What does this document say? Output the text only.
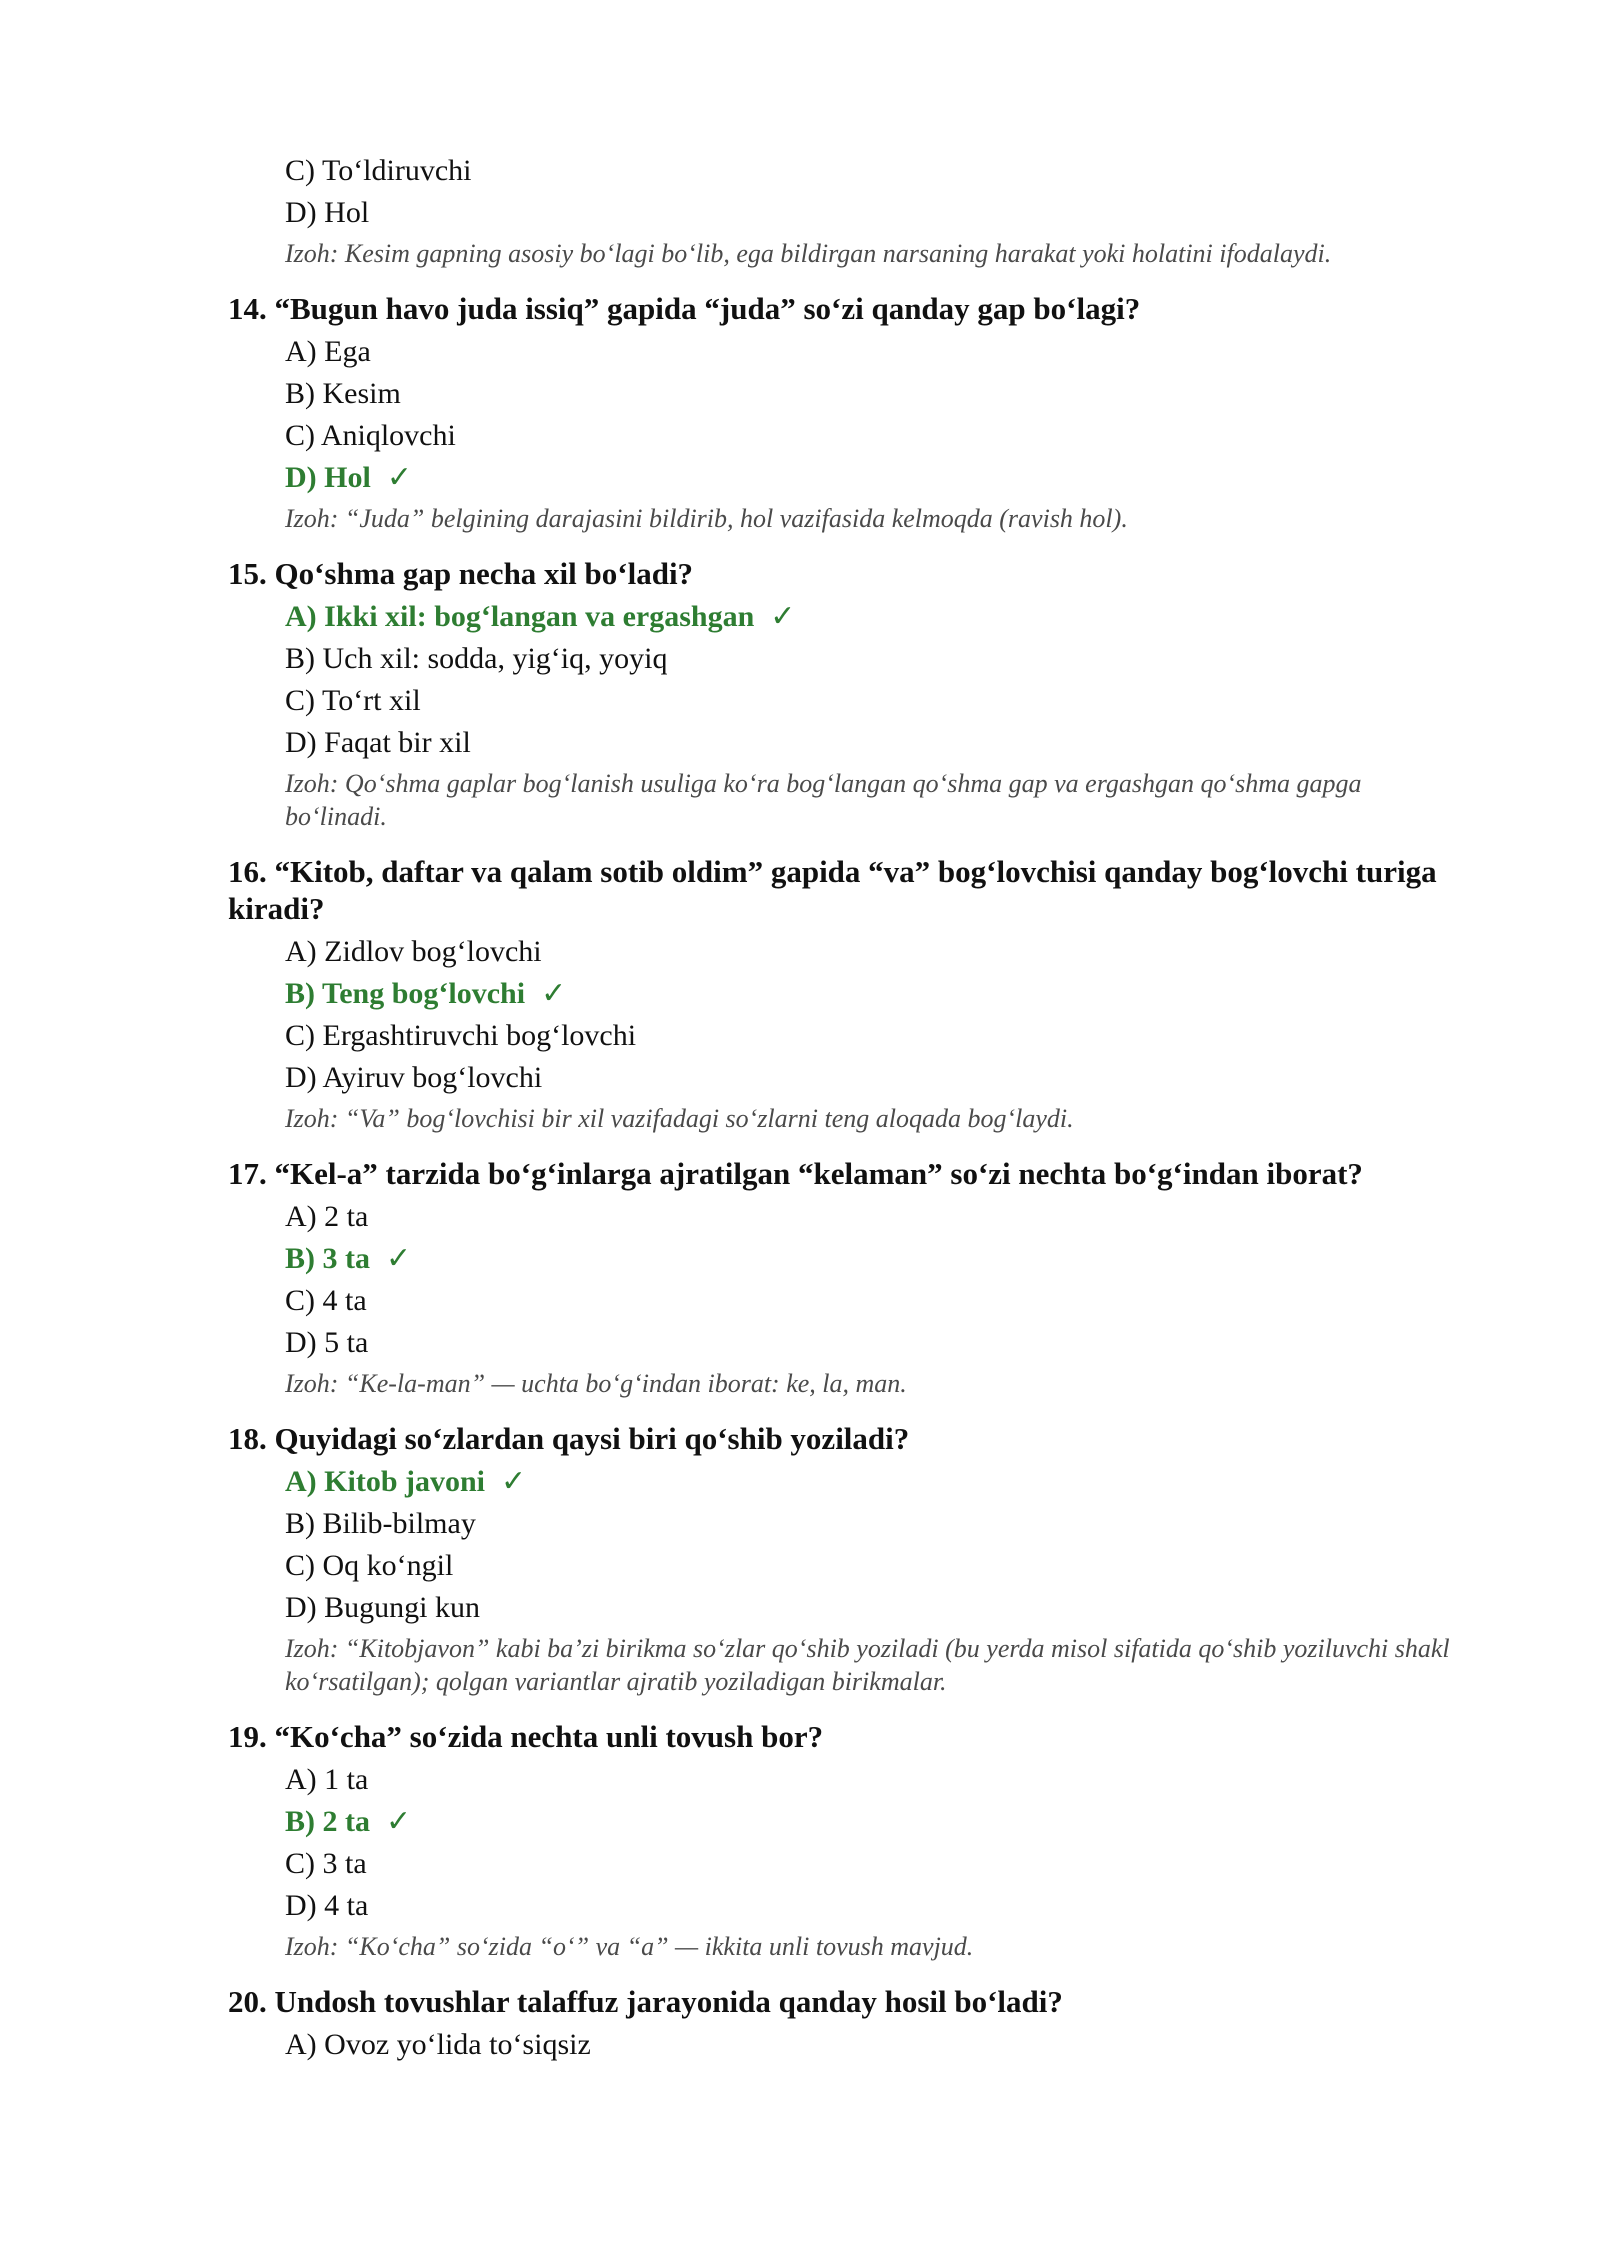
C) To‘ldiruvchi
D) Hol
Izoh: Kesim gapning asosiy bo‘lagi bo‘lib, ega bildirgan narsaning harakat yoki holatini ifodalaydi.
14. “Bugun havo juda issiq” gapida “juda” so‘zi qanday gap bo‘lagi?
A) Ega
B) Kesim
C) Aniqlovchi
D) Hol ✓
Izoh: “Juda” belgining darajasini bildirib, hol vazifasida kelmoqda (ravish hol).
15. Qo‘shma gap necha xil bo‘ladi?
A) Ikki xil: bog‘langan va ergashgan ✓
B) Uch xil: sodda, yig‘iq, yoyiq
C) To‘rt xil
D) Faqat bir xil
Izoh: Qo‘shma gaplar bog‘lanish usuliga ko‘ra bog‘langan qo‘shma gap va ergashgan qo‘shma gapga bo‘linadi.
16. “Kitob, daftar va qalam sotib oldim” gapida “va” bog‘lovchisi qanday bog‘lovchi turiga kiradi?
A) Zidlov bog‘lovchi
B) Teng bog‘lovchi ✓
C) Ergashtiruvchi bog‘lovchi
D) Ayiruv bog‘lovchi
Izoh: “Va” bog‘lovchisi bir xil vazifadagi so‘zlarni teng aloqada bog‘laydi.
17. “Kel-a” tarzida bo‘g‘inlarga ajratilgan “kelaman” so‘zi nechta bo‘g‘indan iborat?
A) 2 ta
B) 3 ta ✓
C) 4 ta
D) 5 ta
Izoh: “Ke-la-man” — uchta bo‘g‘indan iborat: ke, la, man.
18. Quyidagi so‘zlardan qaysi biri qo‘shib yoziladi?
A) Kitob javoni ✓
B) Bilib-bilmay
C) Oq ko‘ngil
D) Bugungi kun
Izoh: “Kitobjavon” kabi ba’zi birikma so‘zlar qo‘shib yoziladi (bu yerda misol sifatida qo‘shib yoziluvchi shakl ko‘rsatilgan); qolgan variantlar ajratib yoziladigan birikmalar.
19. “Ko‘cha” so‘zida nechta unli tovush bor?
A) 1 ta
B) 2 ta ✓
C) 3 ta
D) 4 ta
Izoh: “Ko‘cha” so‘zida “o‘” va “a” — ikkita unli tovush mavjud.
20. Undosh tovushlar talaffuz jarayonida qanday hosil bo‘ladi?
A) Ovoz yo‘lida to‘siqsiz
